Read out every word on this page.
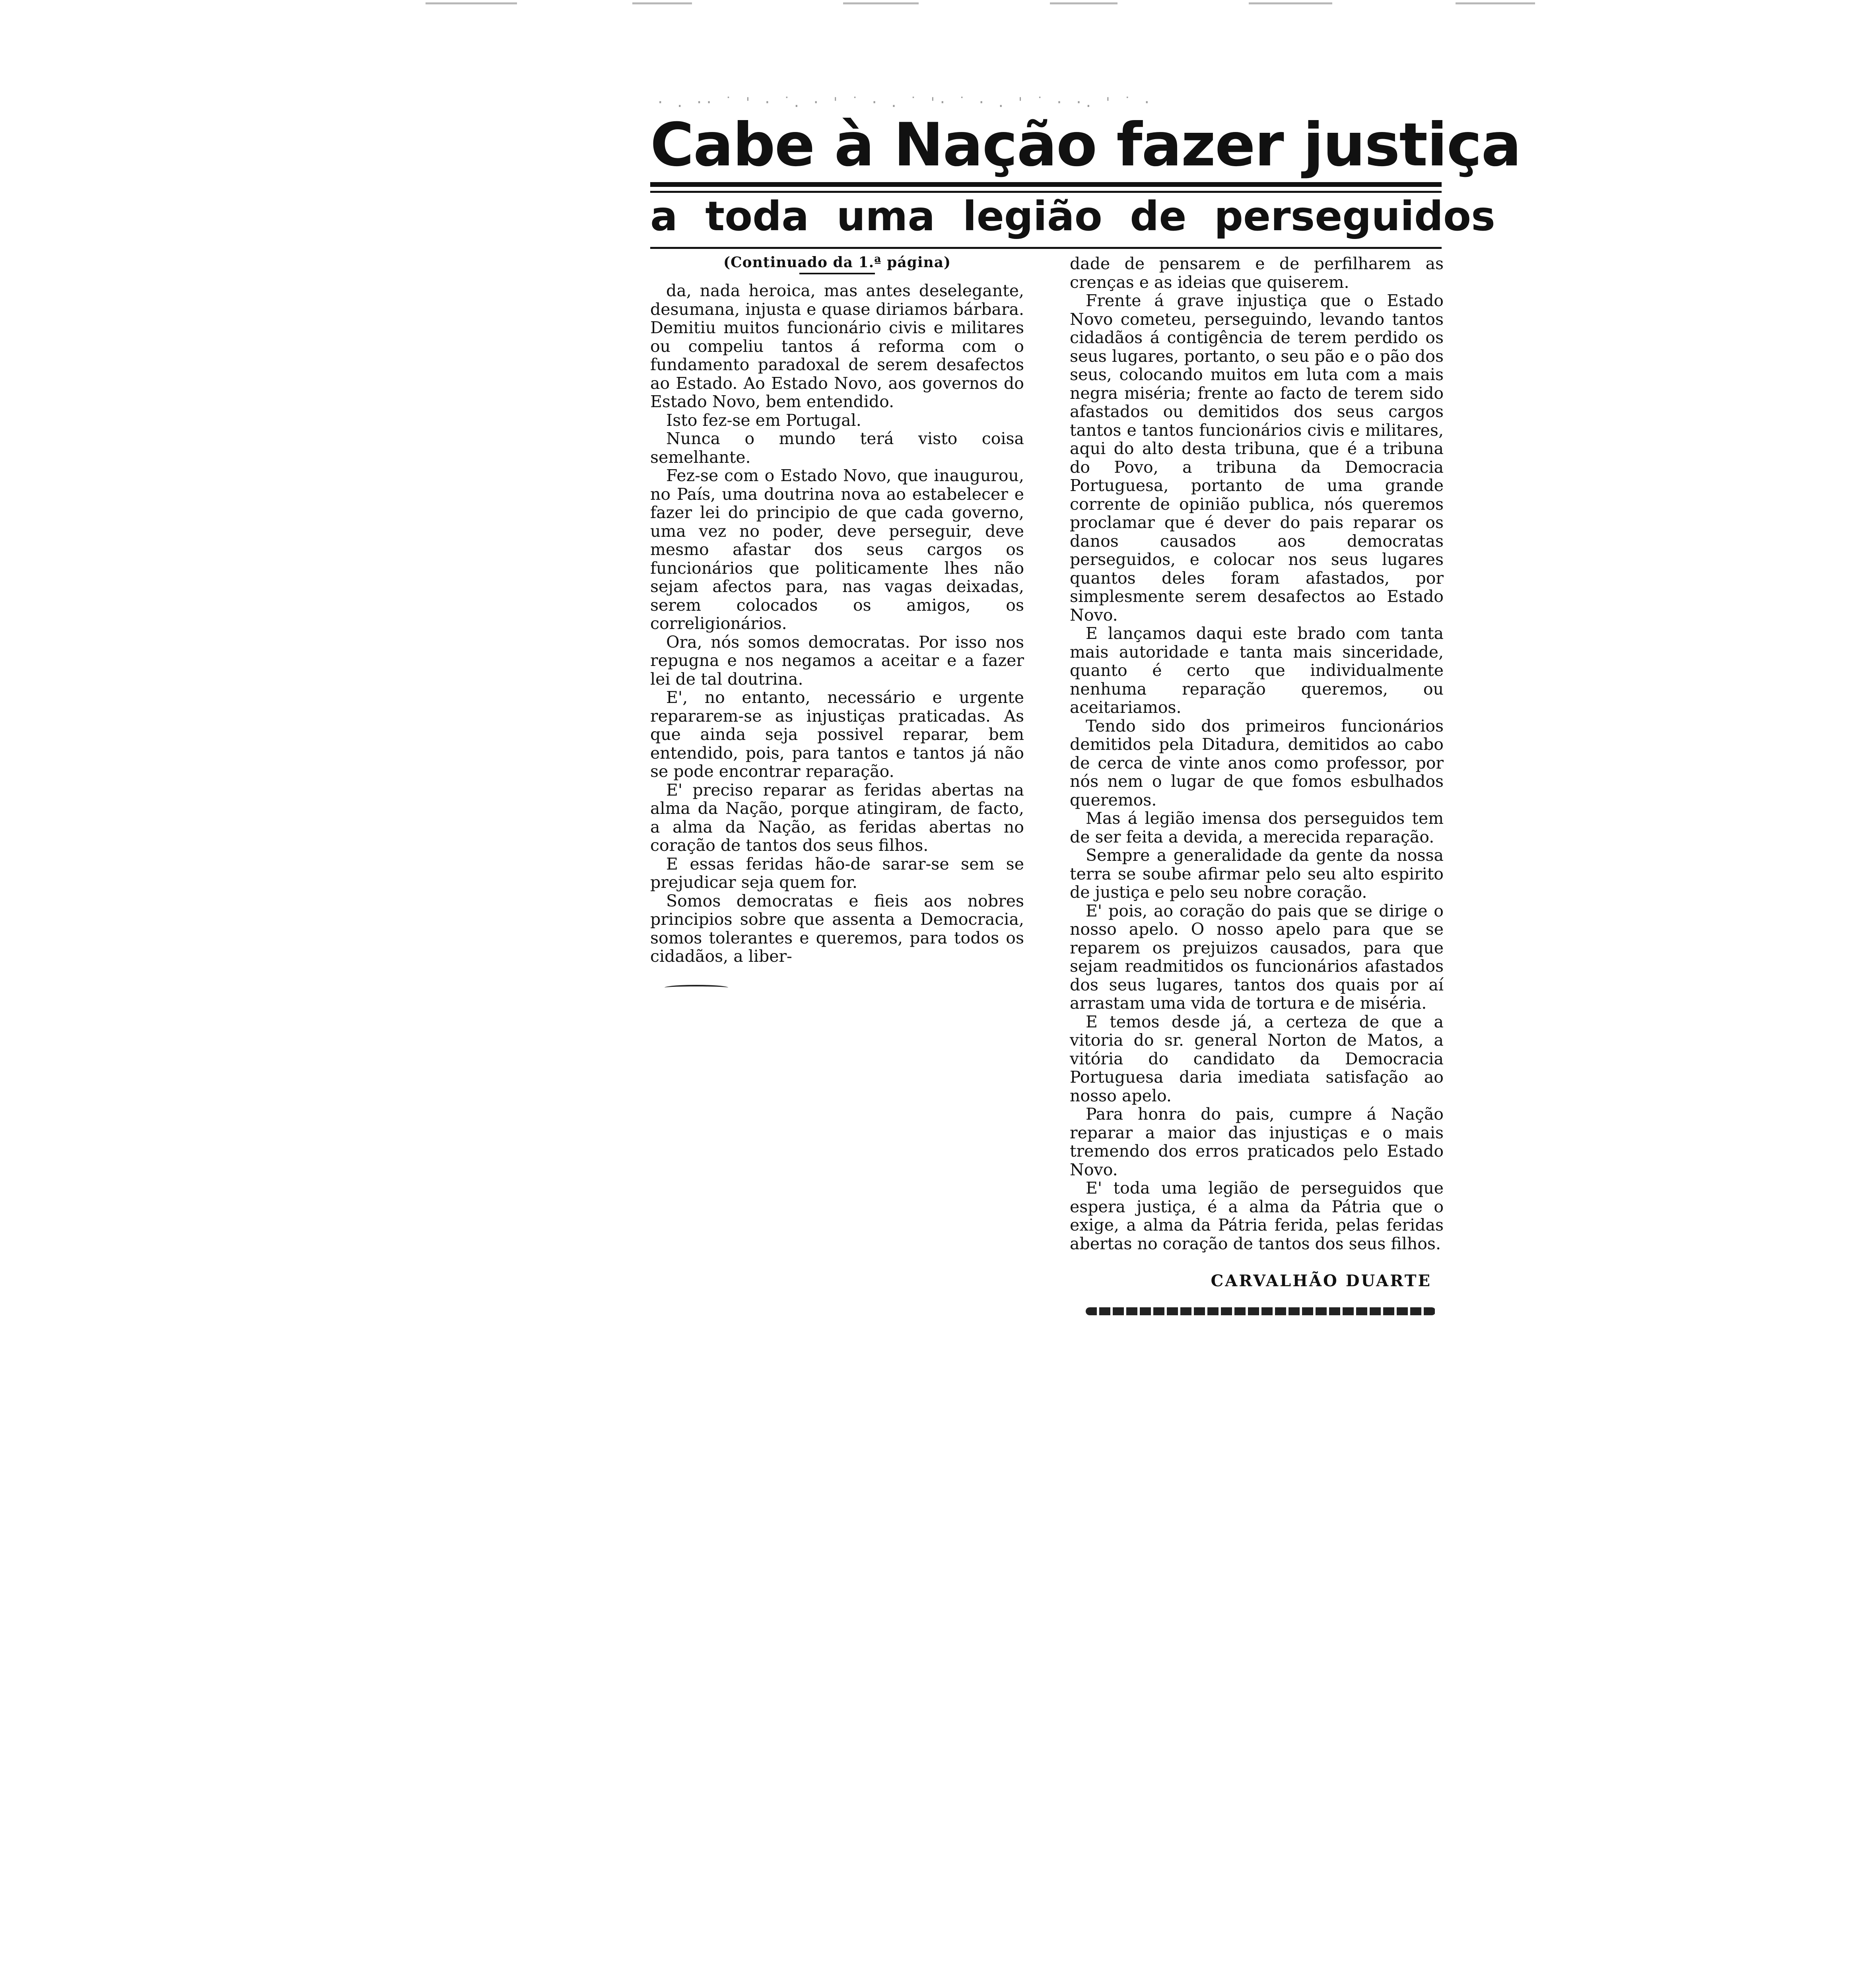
· . ·· ˙ ' · ˙. · ' ˙ · . ˙ '· ˙ · . ' ˙ · ·. ' ˙ ·
Cabe à Nação fazer justiça
a toda uma legião de perseguidos

(Continuado da 1.ª página)

da, nada heroica, mas antes deselegante, desumana, injusta e quase diriamos bárbara. Demitiu muitos funcionário civis e militares ou compeliu tantos á reforma com o fundamento paradoxal de serem desafectos ao Estado. Ao Estado Novo, aos governos do Estado Novo, bem entendido.

Isto fez-se em Portugal.

Nunca o mundo terá visto coisa semelhante.

Fez-se com o Estado Novo, que inaugurou, no País, uma doutrina nova ao estabelecer e fazer lei do principio de que cada governo, uma vez no poder, deve perseguir, deve mesmo afastar dos seus cargos os funcionários que politicamente lhes não sejam afectos para, nas vagas deixadas, serem colocados os amigos, os correligionários.

Ora, nós somos democratas. Por isso nos repugna e nos negamos a aceitar e a fazer lei de tal doutrina.

E', no entanto, necessário e urgente repararem-se as injustiças praticadas. As que ainda seja possivel reparar, bem entendido, pois, para tantos e tantos já não se pode encontrar reparação.

E' preciso reparar as feridas abertas na alma da Nação, porque atingiram, de facto, a alma da Nação, as feridas abertas no coração de tantos dos seus filhos.

E essas feridas hão-de sarar-se sem se prejudicar seja quem for.

Somos democratas e fieis aos nobres principios sobre que assenta a Democracia, somos tolerantes e queremos, para todos os cidadãos, a liber-

dade de pensarem e de perfilharem as crenças e as ideias que quiserem.

Frente á grave injustiça que o Estado Novo cometeu, perseguindo, levando tantos cidadãos á contigência de terem perdido os seus lugares, portanto, o seu pão e o pão dos seus, colocando muitos em luta com a mais negra miséria; frente ao facto de terem sido afastados ou demitidos dos seus cargos tantos e tantos funcionários civis e militares, aqui do alto desta tribuna, que é a tribuna do Povo, a tribuna da Democracia Portuguesa, portanto de uma grande corrente de opinião publica, nós queremos proclamar que é dever do pais reparar os danos causados aos democratas perseguidos, e colocar nos seus lugares quantos deles foram afastados, por simplesmente serem desafectos ao Estado Novo.

E lançamos daqui este brado com tanta mais autoridade e tanta mais sinceridade, quanto é certo que individualmente nenhuma reparação queremos, ou aceitariamos.

Tendo sido dos primeiros funcionários demitidos pela Ditadura, demitidos ao cabo de cerca de vinte anos como professor, por nós nem o lugar de que fomos esbulhados queremos.

Mas á legião imensa dos perseguidos tem de ser feita a devida, a merecida reparação.

Sempre a generalidade da gente da nossa terra se soube afirmar pelo seu alto espirito de justiça e pelo seu nobre coração.

E' pois, ao coração do pais que se dirige o nosso apelo. O nosso apelo para que se reparem os prejuizos causados, para que sejam readmitidos os funcionários afastados dos seus lugares, tantos dos quais por aí arrastam uma vida de tortura e de miséria.

E temos desde já, a certeza de que a vitoria do sr. general Norton de Matos, a vitória do candidato da Democracia Portuguesa daria imediata satisfação ao nosso apelo.

Para honra do pais, cumpre á Nação reparar a maior das injustiças e o mais tremendo dos erros praticados pelo Estado Novo.

E' toda uma legião de perseguidos que espera justiça, é a alma da Pátria que o exige, a alma da Pátria ferida, pelas feridas abertas no coração de tantos dos seus filhos.

CARVALHÃO DUARTE
